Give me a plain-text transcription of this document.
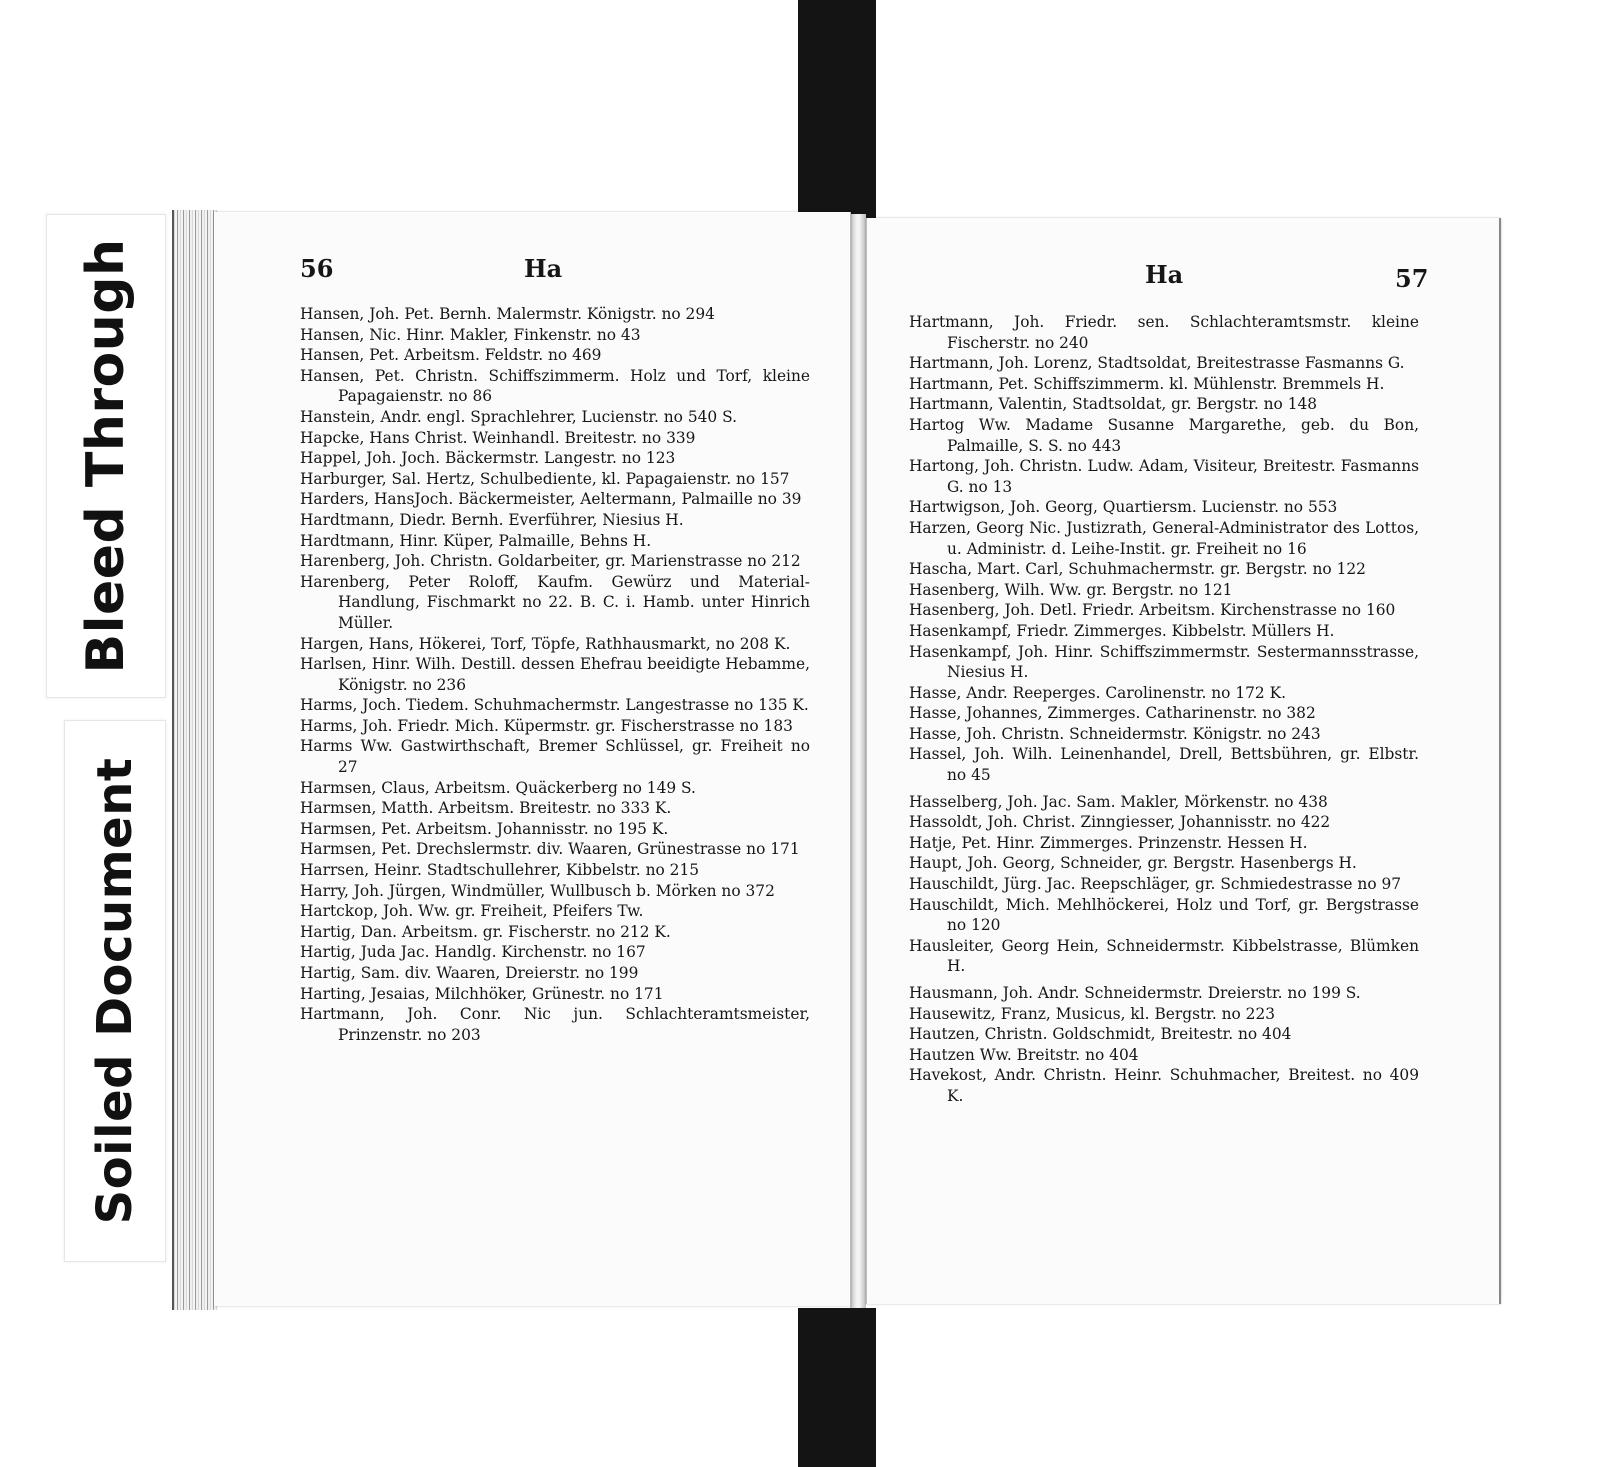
Bleed Through
Soiled Document
56	Ha
Hansen, Joh. Pet. Bernh. Malermstr. Königstr. no 294
Hansen, Nic. Hinr. Makler, Finkenstr. no 43
Hansen, Pet. Arbeitsm. Feldstr. no 469
Hansen, Pet. Christn. Schiffszimmerm. Holz und Torf, kleine Papagaienstr. no 86
Hanstein, Andr. engl. Sprachlehrer, Lucienstr. no 540 S.
Hapcke, Hans Christ. Weinhandl. Breitestr. no 339
Happel, Joh. Joch. Bäckermstr. Langestr. no 123
Harburger, Sal. Hertz, Schulbediente, kl. Papagaienstr. no 157
Harders, HansJoch. Bäckermeister, Aeltermann, Palmaille no 39
Hardtmann, Diedr. Bernh. Everführer, Niesius H.
Hardtmann, Hinr. Küper, Palmaille, Behns H.
Harenberg, Joh. Christn. Goldarbeiter, gr. Marienstrasse no 212
Harenberg, Peter Roloff, Kaufm. Gewürz und Material-Handlung, Fischmarkt no 22. B. C. i. Hamb. unter Hinrich Müller.
Hargen, Hans, Hökerei, Torf, Töpfe, Rathhausmarkt, no 208 K.
Harlsen, Hinr. Wilh. Destill. dessen Ehefrau beeidigte Hebamme, Königstr. no 236
Harms, Joch. Tiedem. Schuhmachermstr. Langestrasse no 135 K.
Harms, Joh. Friedr. Mich. Küpermstr. gr. Fischerstrasse no 183
Harms Ww. Gastwirthschaft, Bremer Schlüssel, gr. Freiheit no 27
Harmsen, Claus, Arbeitsm. Quäckerberg no 149 S.
Harmsen, Matth. Arbeitsm. Breitestr. no 333 K.
Harmsen, Pet. Arbeitsm. Johannisstr. no 195 K.
Harmsen, Pet. Drechslermstr. div. Waaren, Grünestrasse no 171
Harrsen, Heinr. Stadtschullehrer, Kibbelstr. no 215
Harry, Joh. Jürgen, Windmüller, Wullbusch b. Mörken no 372
Hartckop, Joh. Ww. gr. Freiheit, Pfeifers Tw.
Hartig, Dan. Arbeitsm. gr. Fischerstr. no 212 K.
Hartig, Juda Jac. Handlg. Kirchenstr. no 167
Hartig, Sam. div. Waaren, Dreierstr. no 199
Harting, Jesaias, Milchhöker, Grünestr. no 171
Hartmann, Joh. Conr. Nic jun. Schlachteramtsmeister, Prinzenstr. no 203
Ha	57
Hartmann, Joh. Friedr. sen. Schlachteramtsmstr. kleine Fischerstr. no 240
Hartmann, Joh. Lorenz, Stadtsoldat, Breitestrasse Fasmanns G.
Hartmann, Pet. Schiffszimmerm. kl. Mühlenstr. Bremmels H.
Hartmann, Valentin, Stadtsoldat, gr. Bergstr. no 148
Hartog Ww. Madame Susanne Margarethe, geb. du Bon, Palmaille, S. S. no 443
Hartong, Joh. Christn. Ludw. Adam, Visiteur, Breitestr. Fasmanns G. no 13
Hartwigson, Joh. Georg, Quartiersm. Lucienstr. no 553
Harzen, Georg Nic. Justizrath, General-Administrator des Lottos, u. Administr. d. Leihe-Instit. gr. Freiheit no 16
Hascha, Mart. Carl, Schuhmachermstr. gr. Bergstr. no 122
Hasenberg, Wilh. Ww. gr. Bergstr. no 121
Hasenberg, Joh. Detl. Friedr. Arbeitsm. Kirchenstrasse no 160
Hasenkampf, Friedr. Zimmerges. Kibbelstr. Müllers H.
Hasenkampf, Joh. Hinr. Schiffszimmermstr. Sestermannsstrasse, Niesius H.
Hasse, Andr. Reeperges. Carolinenstr. no 172 K.
Hasse, Johannes, Zimmerges. Catharinenstr. no 382
Hasse, Joh. Christn. Schneidermstr. Königstr. no 243
Hassel, Joh. Wilh. Leinenhandel, Drell, Bettsbühren, gr. Elbstr. no 45
Hasselberg, Joh. Jac. Sam. Makler, Mörkenstr. no 438
Hassoldt, Joh. Christ. Zinngiesser, Johannisstr. no 422
Hatje, Pet. Hinr. Zimmerges. Prinzenstr. Hessen H.
Haupt, Joh. Georg, Schneider, gr. Bergstr. Hasenbergs H.
Hauschildt, Jürg. Jac. Reepschläger, gr. Schmiedestrasse no 97
Hauschildt, Mich. Mehlhöckerei, Holz und Torf, gr. Bergstrasse no 120
Hausleiter, Georg Hein, Schneidermstr. Kibbelstrasse, Blümken H.
Hausmann, Joh. Andr. Schneidermstr. Dreierstr. no 199 S.
Hausewitz, Franz, Musicus, kl. Bergstr. no 223
Hautzen, Christn. Goldschmidt, Breitestr. no 404
Hautzen Ww. Breitstr. no 404
Havekost, Andr. Christn. Heinr. Schuhmacher, Breitest. no 409 K.
